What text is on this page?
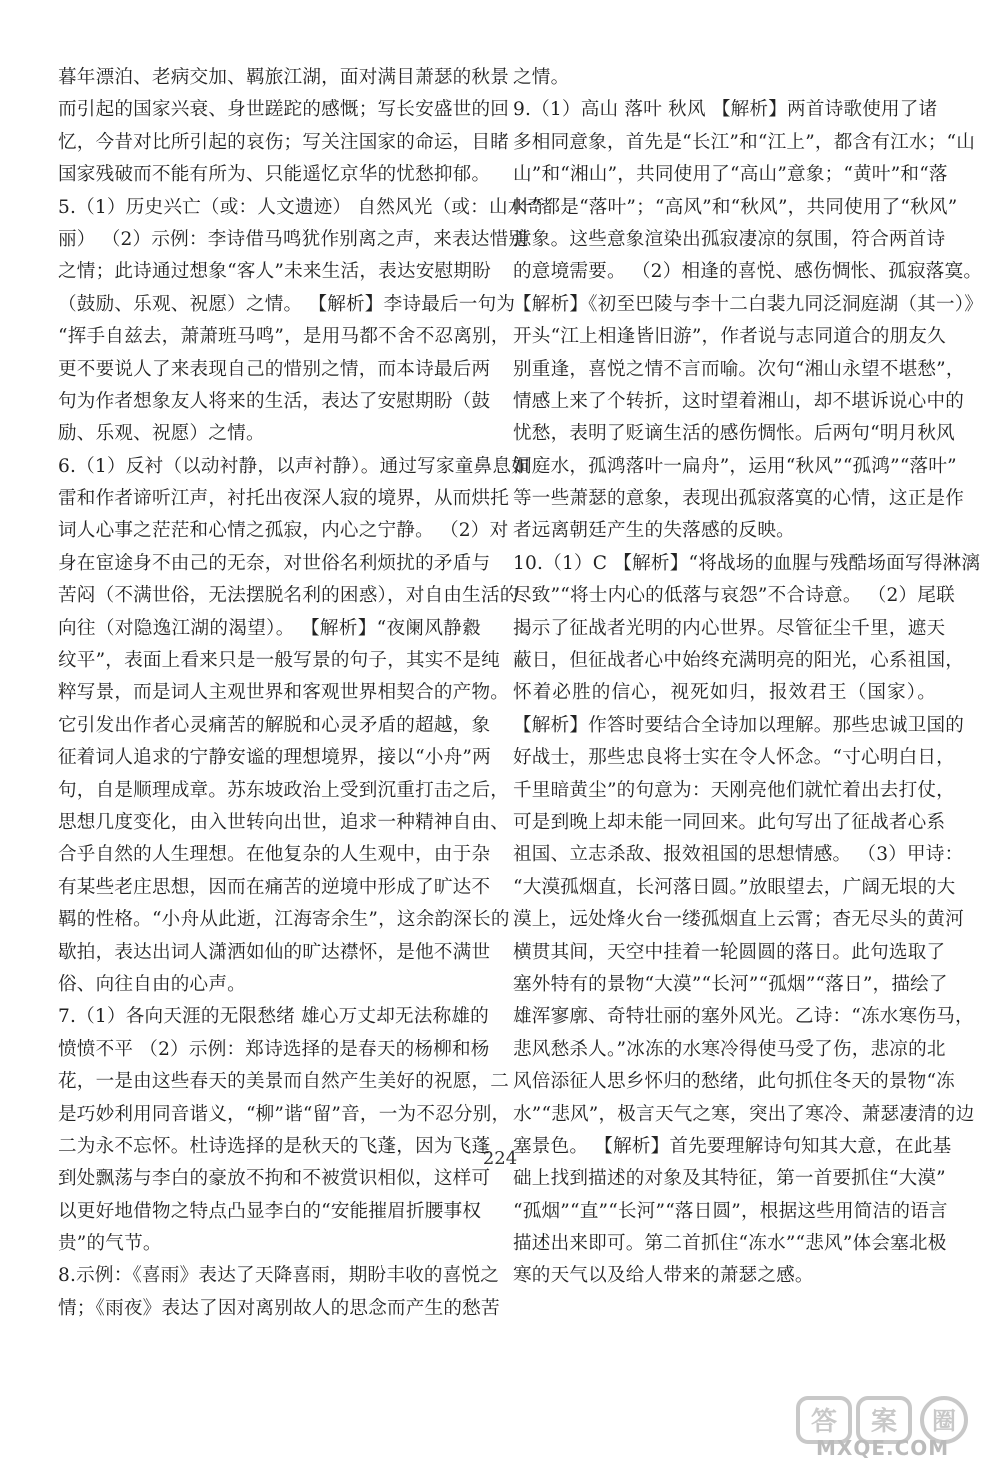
暮年漂泊、老病交加、羁旅江湖，面对满目萧瑟的秋景
而引起的国家兴衰、身世蹉跎的感慨；写长安盛世的回
忆，今昔对比所引起的哀伤；写关注国家的命运，目睹
国家残破而不能有所为、只能遥忆京华的忧愁抑郁。
5.（1）历史兴亡（或：人文遗迹） 自然风光（或：山水奇
丽） （2）示例：李诗借马鸣犹作别离之声，来表达惜别
之情；此诗通过想象“客人”未来生活，表达安慰期盼
（鼓励、乐观、祝愿）之情。 【解析】李诗最后一句为
“挥手自兹去，萧萧班马鸣”，是用马都不舍不忍离别，
更不要说人了来表现自己的惜别之情，而本诗最后两
句为作者想象友人将来的生活，表达了安慰期盼（鼓
励、乐观、祝愿）之情。
6.（1）反衬（以动衬静，以声衬静）。通过写家童鼻息如
雷和作者谛听江声，衬托出夜深人寂的境界，从而烘托
词人心事之茫茫和心情之孤寂，内心之宁静。 （2）对
身在宦途身不由己的无奈，对世俗名利烦扰的矛盾与
苦闷（不满世俗，无法摆脱名利的困惑），对自由生活的
向往（对隐逸江湖的渴望）。 【解析】“夜阑风静縠
纹平”，表面上看来只是一般写景的句子，其实不是纯
粹写景，而是词人主观世界和客观世界相契合的产物。
它引发出作者心灵痛苦的解脱和心灵矛盾的超越，象
征着词人追求的宁静安谧的理想境界，接以“小舟”两
句，自是顺理成章。苏东坡政治上受到沉重打击之后，
思想几度变化，由入世转向出世，追求一种精神自由、
合乎自然的人生理想。在他复杂的人生观中，由于杂
有某些老庄思想，因而在痛苦的逆境中形成了旷达不
羁的性格。“小舟从此逝，江海寄余生”，这余韵深长的
歇拍，表达出词人潇洒如仙的旷达襟怀，是他不满世
俗、向往自由的心声。
7.（1）各向天涯的无限愁绪 雄心万丈却无法称雄的
愤愤不平 （2）示例：郑诗选择的是春天的杨柳和杨
花，一是由这些春天的美景而自然产生美好的祝愿，二
是巧妙利用同音谐义，“柳”谐“留”音，一为不忍分别，
二为永不忘怀。杜诗选择的是秋天的飞蓬，因为飞蓬
到处飘荡与李白的豪放不拘和不被赏识相似，这样可
以更好地借物之特点凸显李白的“安能摧眉折腰事权
贵”的气节。
8.示例：《喜雨》表达了天降喜雨，期盼丰收的喜悦之
情；《雨夜》表达了因对离别故人的思念而产生的愁苦
之情。
9.（1）高山 落叶 秋风 【解析】两首诗歌使用了诸
多相同意象，首先是“长江”和“江上”，都含有江水；“山
山”和“湘山”，共同使用了“高山”意象；“黄叶”和“落
叶”都是“落叶”；“高风”和“秋风”，共同使用了“秋风”
意象。这些意象渲染出孤寂凄凉的氛围，符合两首诗
的意境需要。 （2）相逢的喜悦、感伤惆怅、孤寂落寞。
【解析】《初至巴陵与李十二白裴九同泛洞庭湖（其一）》
开头“江上相逢皆旧游”，作者说与志同道合的朋友久
别重逢，喜悦之情不言而喻。次句“湘山永望不堪愁”，
情感上来了个转折，这时望着湘山，却不堪诉说心中的
忧愁，表明了贬谪生活的感伤惆怅。后两句“明月秋风
洞庭水，孤鸿落叶一扁舟”，运用“秋风”“孤鸿”“落叶”
等一些萧瑟的意象，表现出孤寂落寞的心情，这正是作
者远离朝廷产生的失落感的反映。
10.（1）C 【解析】“将战场的血腥与残酷场面写得淋漓
尽致”“将士内心的低落与哀怨”不合诗意。 （2）尾联
揭示了征战者光明的内心世界。尽管征尘千里，遮天
蔽日，但征战者心中始终充满明亮的阳光，心系祖国，
怀着必胜的信心，视死如归，报效君王（国家）。
【解析】作答时要结合全诗加以理解。那些忠诚卫国的
好战士，那些忠良将士实在令人怀念。“寸心明白日，
千里暗黄尘”的句意为：天刚亮他们就忙着出去打仗，
可是到晚上却未能一同回来。此句写出了征战者心系
祖国、立志杀敌、报效祖国的思想情感。 （3）甲诗：
“大漠孤烟直，长河落日圆。”放眼望去，广阔无垠的大
漠上，远处烽火台一缕孤烟直上云霄；杳无尽头的黄河
横贯其间，天空中挂着一轮圆圆的落日。此句选取了
塞外特有的景物“大漠”“长河”“孤烟”“落日”，描绘了
雄浑寥廓、奇特壮丽的塞外风光。乙诗：“冻水寒伤马，
悲风愁杀人。”冰冻的水寒冷得使马受了伤，悲凉的北
风倍添征人思乡怀归的愁绪，此句抓住冬天的景物“冻
水”“悲风”，极言天气之寒，突出了寒冷、萧瑟凄清的边
塞景色。 【解析】首先要理解诗句知其大意，在此基
础上找到描述的对象及其特征，第一首要抓住“大漠”
“孤烟”“直”“长河”“落日圆”，根据这些用简洁的语言
描述出来即可。第二首抓住“冻水”“悲风”体会塞北极
寒的天气以及给人带来的萧瑟之感。
224
答 案 圈
MXQE.COM
